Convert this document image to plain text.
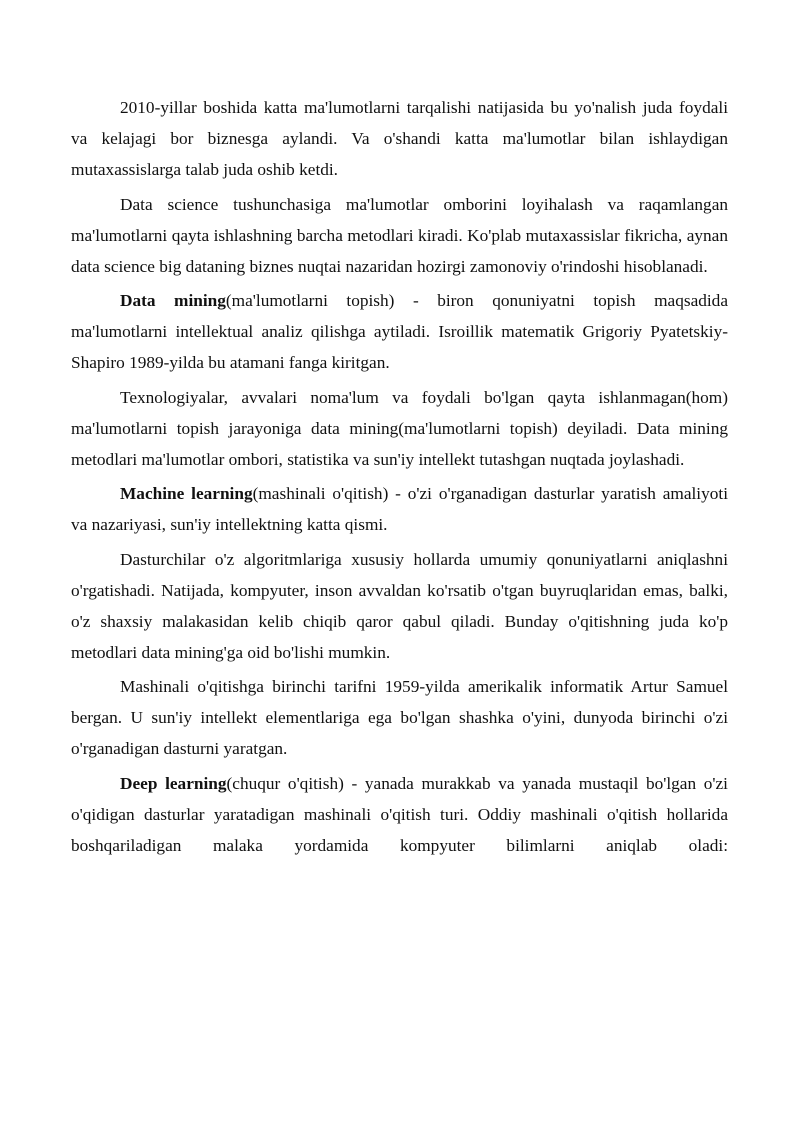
2010-yillar boshida katta ma'lumotlarni tarqalishi natijasida bu yo'nalish juda foydali va kelajagi bor biznesga aylandi. Va o'shandi katta ma'lumotlar bilan ishlaydigan mutaxassislarga talab juda oshib ketdi.

Data science tushunchasiga ma'lumotlar omborini loyihalash va raqamlangan ma'lumotlarni qayta ishlashning barcha metodlari kiradi. Ko'plab mutaxassislar fikricha, aynan data science big dataning biznes nuqtai nazaridan hozirgi zamonoviy o'rindoshi hisoblanadi.

Data mining(ma'lumotlarni topish) - biron qonuniyatni topish maqsadida ma'lumotlarni intellektual analiz qilishga aytiladi. Isroillik matematik Grigoriy Pyatetskiy-Shapiro 1989-yilda bu atamani fanga kiritgan.

Texnologiyalar, avvalari noma'lum va foydali bo'lgan qayta ishlanmagan(hom) ma'lumotlarni topish jarayoniga data mining(ma'lumotlarni topish) deyiladi. Data mining metodlari ma'lumotlar ombori, statistika va sun'iy intellekt tutashgan nuqtada joylashadi.

Machine learning(mashinali o'qitish) - o'zi o'rganadigan dasturlar yaratish amaliyoti va nazariyasi, sun'iy intellektning katta qismi.

Dasturchilar o'z algoritmlariga xususiy hollarda umumiy qonuniyatlarni aniqlashni o'rgatishadi. Natijada, kompyuter, inson avvaldan ko'rsatib o'tgan buyruqlaridan emas, balki, o'z shaxsiy malakasidan kelib chiqib qaror qabul qiladi. Bunday o'qitishning juda ko'p metodlari data mining'ga oid bo'lishi mumkin.

Mashinali o'qitishga birinchi tarifni 1959-yilda amerikalik informatik Artur Samuel bergan. U sun'iy intellekt elementlariga ega bo'lgan shashka o'yini, dunyoda birinchi o'zi o'rganadigan dasturni yaratgan.

Deep learning(chuqur o'qitish) - yanada murakkab va yanada mustaqil bo'lgan o'zi o'qidigan dasturlar yaratadigan mashinali o'qitish turi. Oddiy mashinali o'qitish hollarida boshqariladigan malaka yordamida kompyuter bilimlarni aniqlab oladi:
